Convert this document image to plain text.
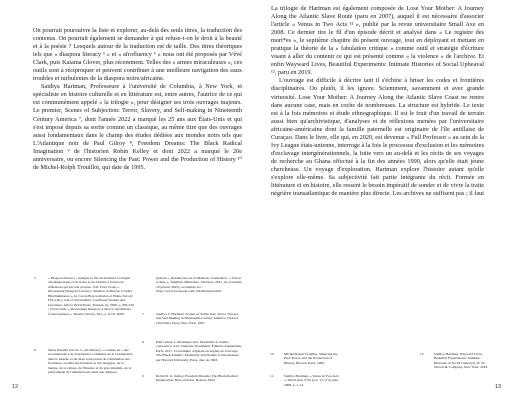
On pourrait poursuivre la liste et explorer, au-delà des seuls titres, la traduction des contenus. On pourrait également se demander à qui refuse-t-on le droit à la beauté et à la poésie ? Lesquels autour de la traduction est de taille. Des titres théoriques tels que « diaspora literacy ⁵ » et « afrofluency ⁶ » nous ont été proposés par Vévé Clark, puis Kaiama Glover, plus récemment. Telles des « armes miraculeuses », ces outils sont à réciproquer et peuvent contribuer à une meilleure navigation des eaux troubles et turbulentes de la diaspora noire/africaine.

Saidiya Hartman, Professeure à l'université de Columbia, à New York, et spécialiste en histoire culturelle et en littérature est, entre autres, l'autrice de ce qui est communément appelé « la trilogie », pour désigner ses trois ouvrages majeurs. Le premier, Scenes of Subjection: Terror, Slavery, and Self-making in Nineteenth Century America ⁷, dont l'année 2022 a marqué les 25 ans aux États-Unis et qui s'est imposé depuis sa sortie comme un classique, au même titre que des ouvrages aussi fondamentaux dans le champ des études dédiées aux mondes noirs tels que L'Atlantique noir de Paul Gilroy ⁸, Freedom Dreams: The Black Radical Imagination ⁹ de l'historien Robin Kelley et dont 2022 a marqué le 20e anniversaire, ou encore Silencing the Past: Power and the Production of History ¹⁰ de Michel-Rolph Trouillot, qui date de 1995.

5	« Diaspora literacy » désigne le fait de maîtriser la langue afrodiasporique et de la lire et de traduire à travers de références qui lui sont propres. Voir Vévé Clark, « Developing Diaspora Literacy: Allusion in Maryse Condé's Hérémakhonon », in Carole Boyce-Davies et Elaine Savory Fido (dir.), Out of the Kumbla: Caribbean Women and Literature, Africa World Press, Trenton, nj, 1990, p. 303-319 ; Vévé Clark, « Developing Diaspora Literacy and Marasa Consciousness », Theatre Survey, 50.1, p. 9-18, 2009.
6	Selon Kaiama Glover, l'« afrofluency » consiste en « une reconnaissance de l'expérience commune de la racialisation dans le monde, et un désir sous-jacent de communion aux frontières, au-delà des barrières et des langages, de la langue, de la culture, de l'histoire et du gras identités, de la particularité de l'identité noire dans une diaspora
globale », Kaiama Glover et Mahrodo Soumahoro, « Traces et lutte », Tangible: Mémoires, Vaucluse, 2021, les (consulté 16 janvier 2023), accessible via : https://www.facebook.com/ hartmani/eptxiiiir.
7	Saidiya V. Hartman, Scenes of Subjection: Terror, Slavery, and Self-Making in Nineteenth-Century America, Oxford University Press, New York, 1997.
8	Paul Gilroy, L'Atlantique noir. Modernité et double conscience, trad. Charlotte Nordmann, Éditions Amsterdam, Paris, 2017. La première originale en anglais de l'ouvrage The Black Atlantic: Modernity and Double Consciousness par Harvard University Press, date de 1993.
9	Robin D. G. Kelley, Freedom Dreams: The Black Radical Imagination, Beacon Press, Boston, 2002.
12

La trilogie de Hartman est également composée de Lose Your Mother: A Journey Along the Atlantic Slave Route (paru en 2007), auquel il est nécessaire d'associer l'article « Venus in Two Acts ¹¹ », publié par la revue universitaire Small Axe en 2008. Ce dernier tire le fil d'un épisode décrit et analysé dans « Le registre des mort*es », le septième chapitre du présent ouvrage, tout en déployant et mettant en pratique la théorie de la « fabulation critique » comme outil et stratégie d'écriture visant à aller du contenir ce qui est présenté comme « la violence » de l'archive. Et enfin Wayward Lives, Beautiful Experiments: Intimate Histories of Social Upheaval ¹², paru en 2019.

L'ouvrage est difficile à décrire tant il s'échine à briser les codes et frontières disciplinaires. Ou plutôt, il les ignore. Sciemment, savamment et avec grande virtuosité. Lose Your Mother: A Journey Along the Atlantic Slave Coast ne rentre dans aucune case, mais en coche de nombreuses. La structure est hybride. Le texte est à la fois mémoires et étude ethnographique. Il est le fruit d'un travail de terrain aussi bien qu'archivistique, d'analyses et de réflexions menées par l'universitaire africaine-américaine dont la famille paternelle est originaire de l'île antillaise de Curaçao. Dans le livre, elle qui, en 2020, est devenue « Full Professor » au sein de la Ivy League états-unienne, interroge à la fois le processus d'exclusion et les mémoires d'esclavage intergénérationnels, la fuite vers un au-delà et les récits de ses voyages de recherche au Ghana effectué à la fin des années 1990, alors qu'elle était jeune chercheuse. Un voyage d'exploration. Hartman explore l'histoire autant qu'elle s'explore elle-même. Sa subjectivité fait partie intégrante du récit. Formée en littérature et en histoire, elle ressent le besoin impératif de sonder et de vivre la traite négrière transatlantique de manière plus directe. Les archives ne suffisent pas ; il faut

10	Michel-Rolph Trouillot, Silencing the Past: Power and the Production of History, Beacon Press, 1995.
11	Saidiya Hartman, « Venus in Two Acts », Small Axe, n°26 (vol. 12, n°2), juin 2008, p. 1-14.
12	Saidiya Hartman, Wayward Lives, Beautiful Experiments: Intimate Histories of Social Upheaval, W. W. Norton & Company, New York, 2019.
13
